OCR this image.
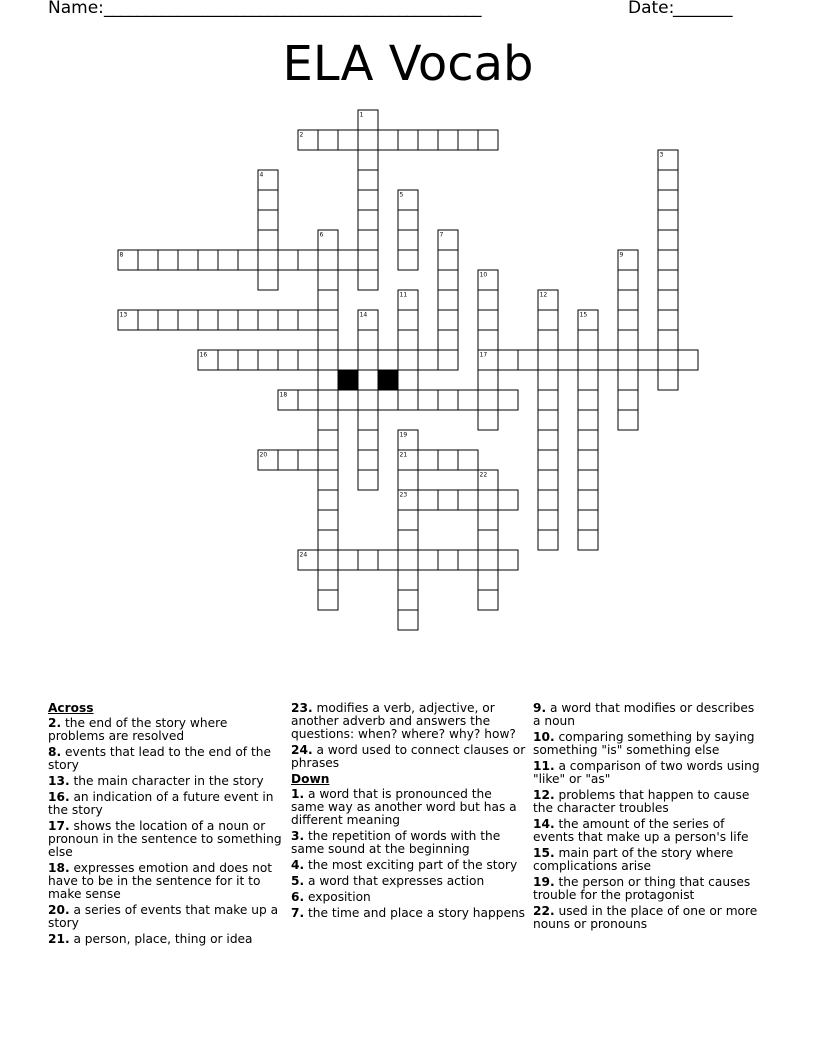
Name: ______________________________________________	Date:
_______
ELA Vocab
1
2
3
4
5
6	7
8	9
10
11	12
13	14	15
16	17
18
19
20	21
22
23
24
Across
2. the end of the story where problems are resolved
8. events that lead to the end of the story
13. the main character in the story
16. an indication of a future event in the story
17. shows the location of a noun or pronoun in the sentence to something else
18. expresses emotion and does not have to be in the sentence for it to make sense
20. a series of events that make up a story
21. a person, place, thing or idea
23. modifies a verb, adjective, or another adverb and answers the questions: when? where? why? how?
24. a word used to connect clauses or phrases
Down
1. a word that is pronounced the same way as another word but has a different meaning
3. the repetition of words with the same sound at the beginning
4. the most exciting part of the story
5. a word that expresses action
6. exposition
7. the time and place a story happens
9. a word that modifies or describes a noun
10. comparing something by saying something "is" something else
11. a comparison of two words using "like" or "as"
12. problems that happen to cause the character troubles
14. the amount of the series of events that make up a person's life
15. main part of the story where complications arise
19. the person or thing that causes trouble for the protagonist
22. used in the place of one or more nouns or pronouns
